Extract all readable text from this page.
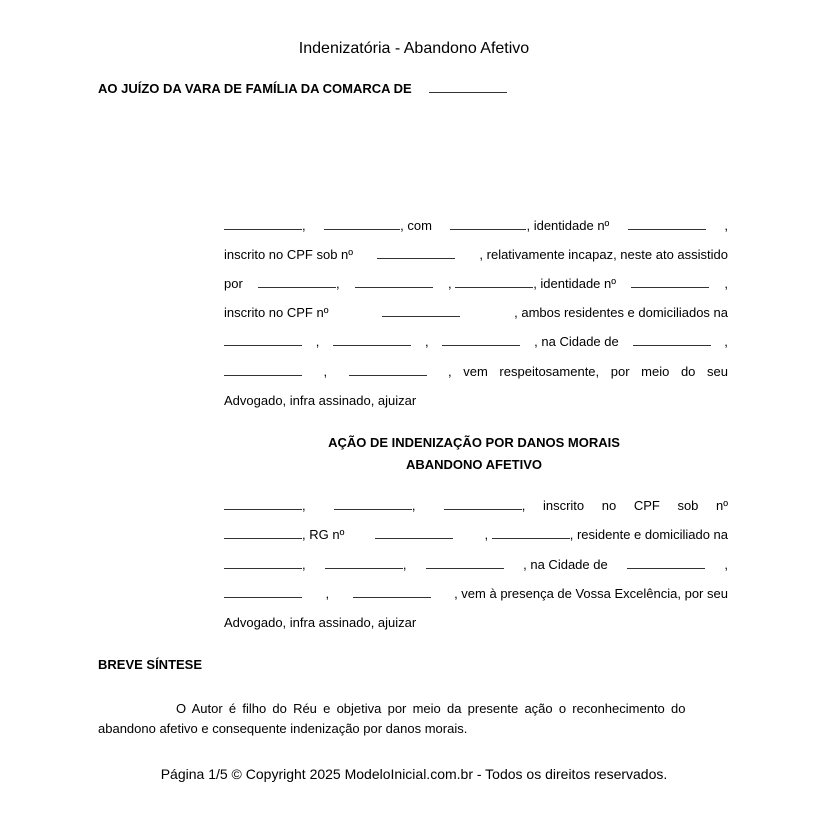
Indenizatória - Abandono Afetivo
AO JUÍZO DA VARA DE FAMÍLIA DA COMARCA DE
,	, com	, identidade nº	,
inscrito no CPF sob nº	, relativamente incapaz, neste ato assistido
por	,	,	, identidade nº	,
inscrito no CPF nº	, ambos residentes e domiciliados na
,	,	, na Cidade de	,
,	, vem respeitosamente, por meio do seu
Advogado, infra assinado, ajuizar
AÇÃO DE INDENIZAÇÃO POR DANOS MORAIS
ABANDONO AFETIVO
,	,	, inscrito no CPF sob nº
, RG nº	,	, residente e domiciliado na
,	,	, na Cidade de	,
,	, vem à presença de Vossa Excelência, por seu
Advogado, infra assinado, ajuizar
BREVE SÍNTESE
O Autor é filho do Réu e objetiva por meio da presente ação o reconhecimento do
abandono afetivo e consequente indenização por danos morais.
Página 1/5 © Copyright 2025 ModeloInicial.com.br - Todos os direitos reservados.
